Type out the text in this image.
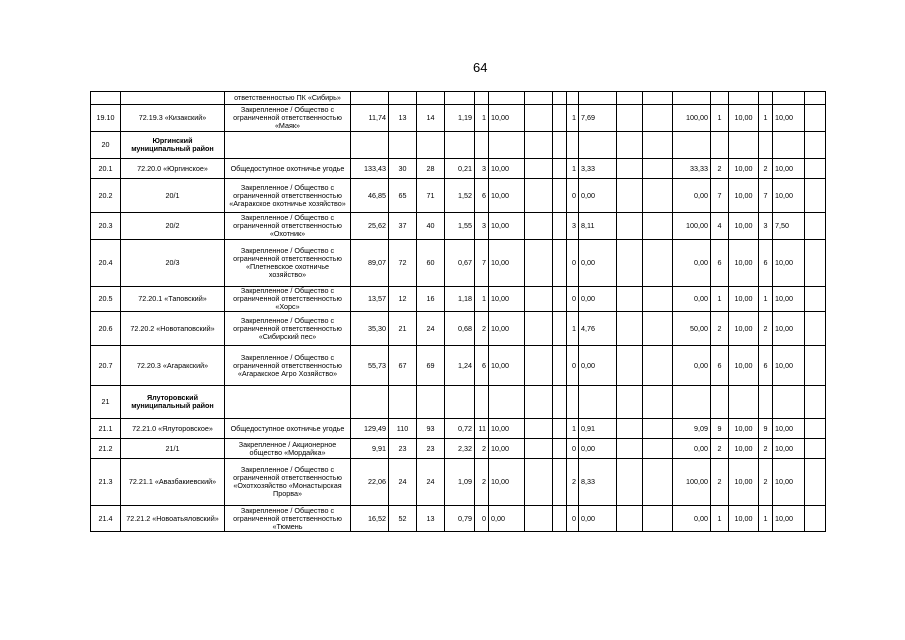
64
		ответственностью ПК «Сибирь»																		
19.10	72.19.3 «Кизакский»	Закрепленное / Общество с ограниченной ответственностью «Маяк»	11,74	13	14	1,19	1	10,00			1	7,69			100,00	1	10,00	1	10,00	
20	Юргинский муниципальный район																			
20.1	72.20.0 «Юргинское»	Общедоступное охотничье угодье	133,43	30	28	0,21	3	10,00			1	3,33			33,33	2	10,00	2	10,00	
20.2	20/1	Закрепленное / Общество с ограниченной ответственностью «Агаракское охотничье хозяйство»	46,85	65	71	1,52	6	10,00			0	0,00			0,00	7	10,00	7	10,00	
20.3	20/2	Закрепленное / Общество с ограниченной ответственностью «Охотник»	25,62	37	40	1,55	3	10,00			3	8,11			100,00	4	10,00	3	7,50	
20.4	20/3	Закрепленное / Общество с ограниченной ответственностью «Плетневское охотничье хозяйство»	89,07	72	60	0,67	7	10,00			0	0,00			0,00	6	10,00	6	10,00	
20.5	72.20.1 «Таповский»	Закрепленное / Общество с ограниченной ответственностью «Хорс»	13,57	12	16	1,18	1	10,00			0	0,00			0,00	1	10,00	1	10,00	
20.6	72.20.2 «Новотаповский»	Закрепленное / Общество с ограниченной ответственностью «Сибирский пес»	35,30	21	24	0,68	2	10,00			1	4,76			50,00	2	10,00	2	10,00	
20.7	72.20.3 «Агаракский»	Закрепленное / Общество с ограниченной ответственностью «Агаракское Агро Хозяйство»	55,73	67	69	1,24	6	10,00			0	0,00			0,00	6	10,00	6	10,00	
21	Ялуторовский муниципальный район																			
21.1	72.21.0 «Ялуторовское»	Общедоступное охотничье угодье	129,49	110	93	0,72	11	10,00			1	0,91			9,09	9	10,00	9	10,00	
21.2	21/1	Закрепленное / Акционерное общество «Мордайка»	9,91	23	23	2,32	2	10,00			0	0,00			0,00	2	10,00	2	10,00	
21.3	72.21.1 «Авазбакиевский»	Закрепленное / Общество с ограниченной ответственностью «Охотхозяйство «Монастырская Прорва»	22,06	24	24	1,09	2	10,00			2	8,33			100,00	2	10,00	2	10,00	
21.4	72.21.2 «Новоатьяловский»	Закрепленное / Общество с ограниченной ответственностью «Тюмень	16,52	52	13	0,79	0	0,00			0	0,00			0,00	1	10,00	1	10,00	
